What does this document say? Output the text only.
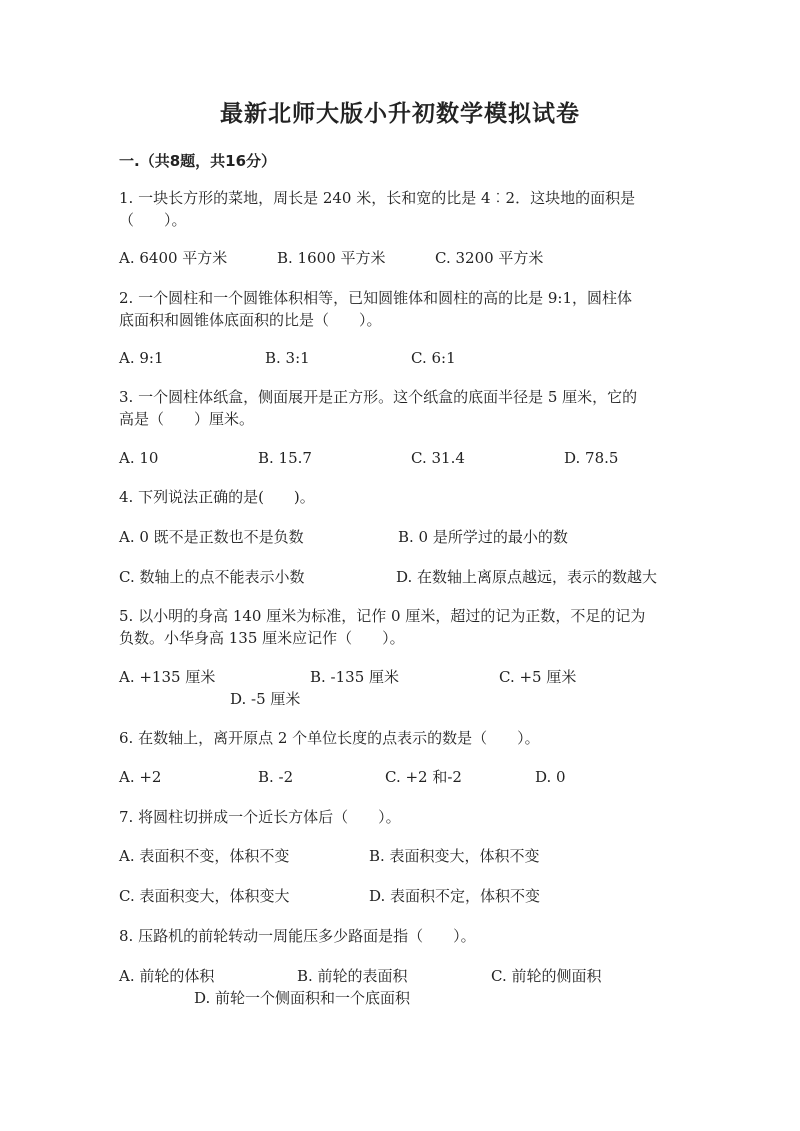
最新北师大版小升初数学模拟试卷
一.（共8题，共16分）
1. 一块长方形的菜地，周长是 240 米，长和宽的比是 4︰2．这块地的面积是
（　　）。
A. 6400 平方米	B. 1600 平方米	C. 3200 平方米
2. 一个圆柱和一个圆锥体积相等，已知圆锥体和圆柱的高的比是 9:1，圆柱体
底面积和圆锥体底面积的比是（　　）。
A. 9:1	B. 3:1	C. 6:1
3. 一个圆柱体纸盒，侧面展开是正方形。这个纸盒的底面半径是 5 厘米，它的
高是（　　）厘米。
A. 10	B. 15.7	C. 31.4	D. 78.5
4. 下列说法正确的是(　　)。
A. 0 既不是正数也不是负数	B. 0 是所学过的最小的数
C. 数轴上的点不能表示小数	D. 在数轴上离原点越远，表示的数越大
5. 以小明的身高 140 厘米为标准，记作 0 厘米，超过的记为正数，不足的记为
负数。小华身高 135 厘米应记作（　　）。
A. +135 厘米	B. -135 厘米	C. +5 厘米
D. -5 厘米
6. 在数轴上，离开原点 2 个单位长度的点表示的数是（　　）。
A. +2	B. -2	C. +2 和-2	D. 0
7. 将圆柱切拼成一个近长方体后（　　）。
A. 表面积不变，体积不变	B. 表面积变大，体积不变
C. 表面积变大，体积变大	D. 表面积不定，体积不变
8. 压路机的前轮转动一周能压多少路面是指（　　）。
A. 前轮的体积	B. 前轮的表面积	C. 前轮的侧面积
D. 前轮一个侧面积和一个底面积
